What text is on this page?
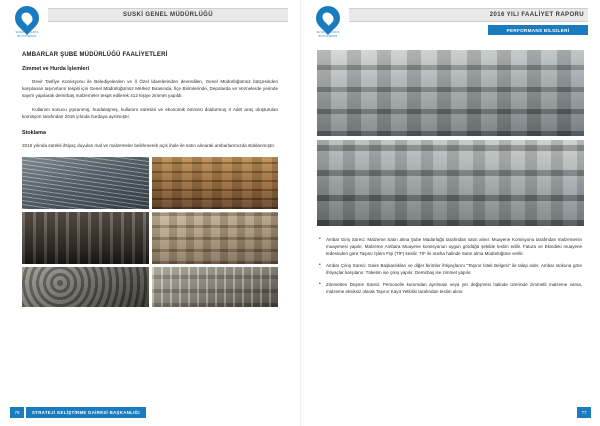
SUSKİ SAKARYA BÜYÜKŞEHİR
SUSKİ GENEL MÜDÜRLÜĞÜ
AMBARLAR ŞUBE MÜDÜRLÜĞÜ FAALİYETLERİ
Zimmet ve Hurda İşlemleri

Devir Tasfiye Komisyonu ile Belediyelerden ve İl Özel İdarelerinden devredilen, Genel Müdürlüğümüz bütçesinden karşılanan taşınırların tespiti için Genel Müdürlüğümüz Merkez Birasında, İlçe Birimlerinde, Depolarda ve Veznelerde yerinde sayım yapılarak demirbaş malzemeler tespit edilerek 412 kişiye zimmet yapıldı.

Kullanım sonucu yıpranmış, hurdalaşmış, kullanım süresini ve ekonomik ömrünü doldurmuş 4 Adet araç oluşturulan komisyon tarafından 2016 yılında hurdaya ayrılmıştır.

Stoklama

2016 yılında sürekli ihtiyaç duyulan mal ve malzemeler belirlenerek açık ihale ile satın alınarak ambarlarımızda stoklanmıştır.

76	STRATEJİ GELİŞTİRME DAİRESİ BAŞKANLIĞI
SUSKİ SAKARYA BÜYÜKŞEHİR
2016 YILI FAALİYET RAPORU
PERFORMANS BİLGİLERİ

• Ambar Giriş Süreci: Malzeme Satın alma Şube Müdürlüğü tarafından satın alınır. Muayene Komisyonu tarafından malzemenin muayenesi yapılır. Malzeme Ambara Muayene komisyonun uygun gördüğü şekilde teslim edilir. Fatura ve Ekindeki muayene tedesinden göre Taşınır İşlem Fişi (TİF) kesilir. TİF iki nüsha halinde Satın alma Müdürlüğüne verilir.

• Ambar Çıkış Süreci: Daire Başkanlıkları ve diğer birimler ihtiyaçlarını "Taşınır İstek Belgesi" ile talep eder. Ambar stokuna göre ihtiyaçlar karşılanır. Tüketim ise çıkış yapılır. Demirbaş ise zimmet yapılır.

• Zimmetten Düşme Süreci: Personelin kurumdan ayrılması veya yer değişmesi halinde üzerinde zimmetli malzeme varsa, malzeme eksiksiz olarak Taşınır Kayıt Yetkilisi tarafından teslim alınır.

77
